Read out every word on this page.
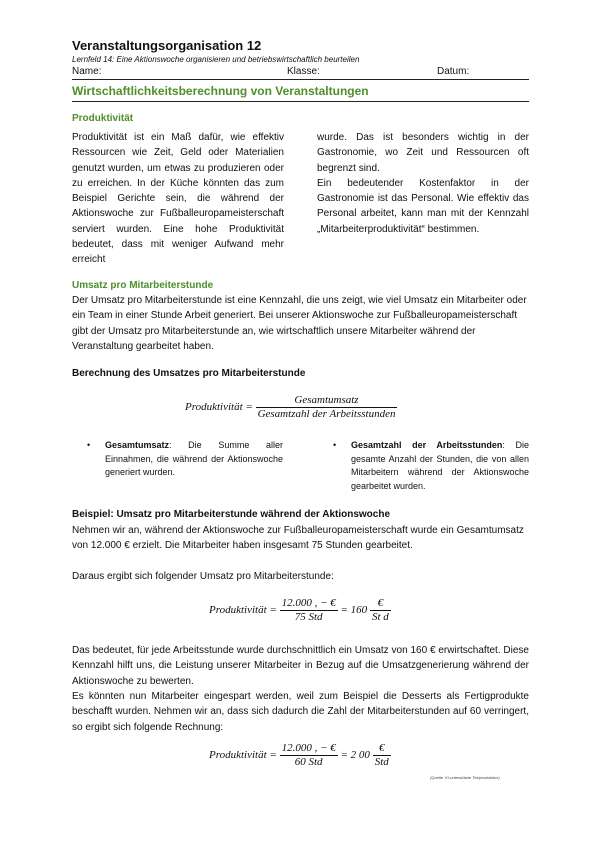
Veranstaltungsorganisation 12
Lernfeld 14: Eine Aktionswoche organisieren und betriebswirtschaftlich beurteilen
Name:	Klasse:	Datum:
Wirtschaftlichkeitsberechnung von Veranstaltungen
Produktivität
Produktivität ist ein Maß dafür, wie effektiv Ressourcen wie Zeit, Geld oder Materialien genutzt wurden, um etwas zu produzieren oder zu erreichen. In der Küche könnten das zum Beispiel Gerichte sein, die während der Aktionswoche zur Fußballeuropameisterschaft serviert wurden. Eine hohe Produktivität bedeutet, dass mit weniger Aufwand mehr erreicht
wurde. Das ist besonders wichtig in der Gastronomie, wo Zeit und Ressourcen oft begrenzt sind.
Ein bedeutender Kostenfaktor in der Gastronomie ist das Personal. Wie effektiv das Personal arbeitet, kann man mit der Kennzahl „Mitarbeiterproduktivität“ bestimmen.
Umsatz pro Mitarbeiterstunde
Der Umsatz pro Mitarbeiterstunde ist eine Kennzahl, die uns zeigt, wie viel Umsatz ein Mitarbeiter oder ein Team in einer Stunde Arbeit generiert. Bei unserer Aktionswoche zur Fußballeuropameisterschaft gibt der Umsatz pro Mitarbeiterstunde an, wie wirtschaftlich unsere Mitarbeiter während der Veranstaltung gearbeitet haben.
Berechnung des Umsatzes pro Mitarbeiterstunde
Produktivität = $\frac{\text{Gesamtumsatz}}{\text{Gesamtzahl der Arbeitsstunden}}$
• Gesamtumsatz: Die Summe aller Einnahmen, die während der Aktionswoche generiert wurden.
• Gesamtzahl der Arbeitsstunden: Die gesamte Anzahl der Stunden, die von allen Mitarbeitern während der Aktionswoche gearbeitet wurden.
Beispiel: Umsatz pro Mitarbeiterstunde während der Aktionswoche
Nehmen wir an, während der Aktionswoche zur Fußballeuropameisterschaft wurde ein Gesamtumsatz von 12.000 € erzielt. Die Mitarbeiter haben insgesamt 75 Stunden gearbeitet.
Daraus ergibt sich folgender Umsatz pro Mitarbeiterstunde:
Produktivität = $\frac{12.000 , - €}{\text{75 Std}} = 160 \frac{€}{\text{St d}}$
Das bedeutet, für jede Arbeitsstunde wurde durchschnittlich ein Umsatz von 160 € erwirtschaftet. Diese Kennzahl hilft uns, die Leistung unserer Mitarbeiter in Bezug auf die Umsatzgenerierung während der Aktionswoche zu bewerten.
Es könnten nun Mitarbeiter eingespart werden, weil zum Beispiel die Desserts als Fertigprodukte beschafft wurden. Nehmen wir an, dass sich dadurch die Zahl der Mitarbeiterstunden auf 60 verringert, so ergibt sich folgende Rechnung:
Produktivität = $\frac{12.000 , - €}{\text{60 Std}} = 2$ $00 \frac{€}{\text{Std}}$
(Quelle: KI-unterstützte Textproduktion)
